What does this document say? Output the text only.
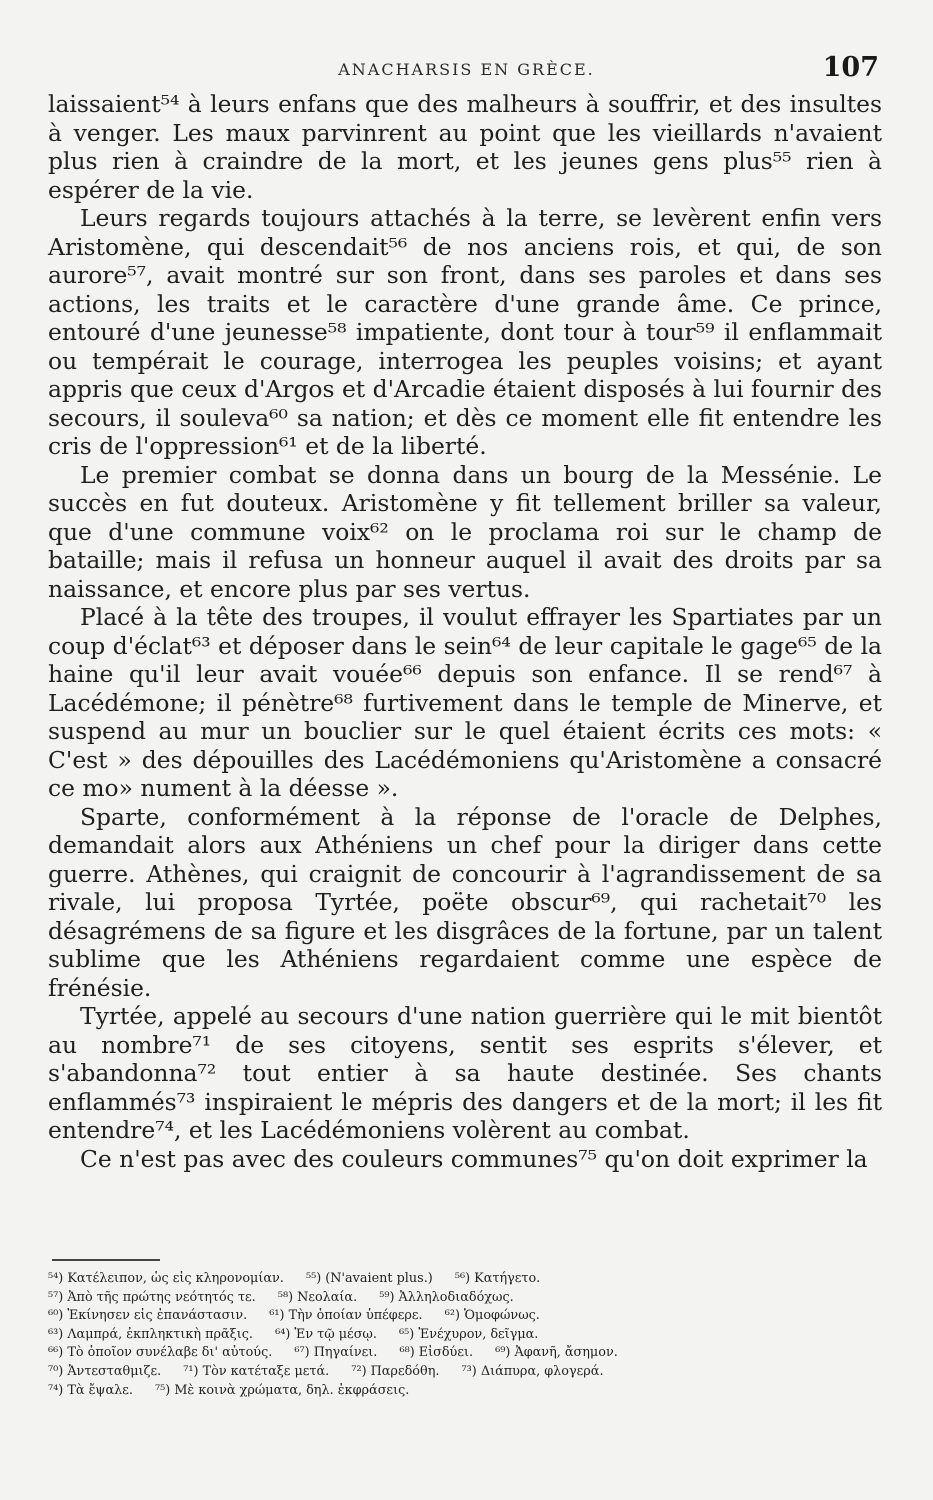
ANACHARSIS EN GRÈCE.	107

laissaient⁵⁴ à leurs enfans que des malheurs à souffrir, et des insultes à venger. Les maux parvinrent au point que les vieillards n'avaient plus rien à craindre de la mort, et les jeunes gens plus⁵⁵ rien à espérer de la vie.

Leurs regards toujours attachés à la terre, se levèrent enfin vers Aristomène, qui descendait⁵⁶ de nos anciens rois, et qui, de son aurore⁵⁷, avait montré sur son front, dans ses paroles et dans ses actions, les traits et le caractère d'une grande âme. Ce prince, entouré d'une jeunesse⁵⁸ impatiente, dont tour à tour⁵⁹ il enflammait ou tempérait le courage, interrogea les peuples voisins; et ayant appris que ceux d'Argos et d'Arcadie étaient disposés à lui fournir des secours, il souleva⁶⁰ sa nation; et dès ce moment elle fit entendre les cris de l'oppression⁶¹ et de la liberté.

Le premier combat se donna dans un bourg de la Messénie. Le succès en fut douteux. Aristomène y fit tellement briller sa valeur, que d'une commune voix⁶² on le proclama roi sur le champ de bataille; mais il refusa un honneur auquel il avait des droits par sa naissance, et encore plus par ses vertus.

Placé à la tête des troupes, il voulut effrayer les Spartiates par un coup d'éclat⁶³ et déposer dans le sein⁶⁴ de leur capitale le gage⁶⁵ de la haine qu'il leur avait vouée⁶⁶ depuis son enfance. Il se rend⁶⁷ à Lacédémone; il pénètre⁶⁸ furtivement dans le temple de Minerve, et suspend au mur un bouclier sur le quel étaient écrits ces mots: « C'est » des dépouilles des Lacédémoniens qu'Aristomène a consacré ce mo» nument à la déesse ».

Sparte, conformément à la réponse de l'oracle de Delphes, demandait alors aux Athéniens un chef pour la diriger dans cette guerre. Athènes, qui craignit de concourir à l'agrandissement de sa rivale, lui proposa Tyrtée, poëte obscur⁶⁹, qui rachetait⁷⁰ les désagrémens de sa figure et les disgrâces de la fortune, par un talent sublime que les Athéniens regardaient comme une espèce de frénésie.

Tyrtée, appelé au secours d'une nation guerrière qui le mit bientôt au nombre⁷¹ de ses citoyens, sentit ses esprits s'élever, et s'abandonna⁷² tout entier à sa haute destinée. Ses chants enflammés⁷³ inspiraient le mépris des dangers et de la mort; il les fit entendre⁷⁴, et les Lacédémoniens volèrent au combat.

Ce n'est pas avec des couleurs communes⁷⁵ qu'on doit exprimer la

⁵⁴) Κατέλειπον, ὡς εἰς κληρονομίαν. ⁵⁵) (N'avaient plus.) ⁵⁶) Κατήγετο.
⁵⁷) Ἀπὸ τῆς πρώτης νεότητός τε. ⁵⁸) Νεολαία. ⁵⁹) Ἀλληλοδιαδόχως.
⁶⁰) Ἐκίνησεν εἰς ἐπανάστασιν. ⁶¹) Τὴν ὁποίαν ὑπέφερε. ⁶²) Ὁμοφώνως.
⁶³) Λαμπρά, ἐκπληκτικὴ πρᾶξις. ⁶⁴) Ἐν τῷ μέσῳ. ⁶⁵) Ἐνέχυρον, δεῖγμα.
⁶⁶) Τὸ ὁποῖον συνέλαβε δι' αὐτούς. ⁶⁷) Πηγαίνει. ⁶⁸) Εἰσδύει. ⁶⁹) Ἀφανῆ, ἄσημον.
⁷⁰) Ἀντεσταθμιζε. ⁷¹) Τὸν κατέταξε μετά. ⁷²) Παρεδόθη. ⁷³) Διάπυρα, φλογερά.
⁷⁴) Τὰ ἔψαλε. ⁷⁵) Μὲ κοινὰ χρώματα, δηλ. ἐκφράσεις.
